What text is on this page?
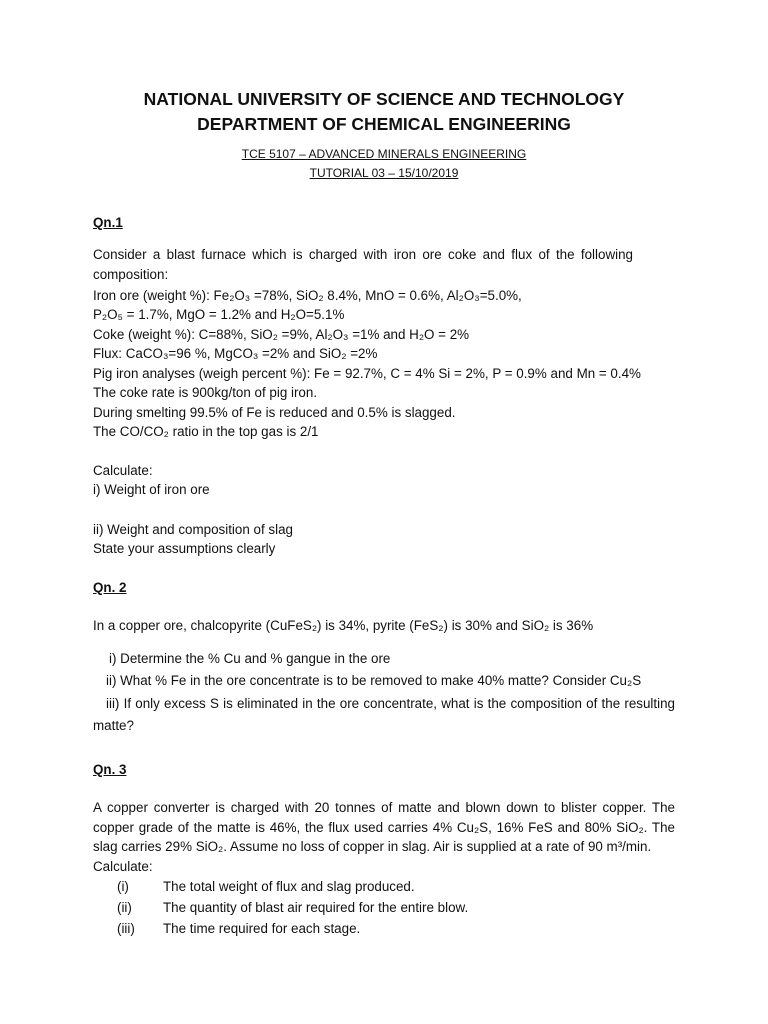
NATIONAL UNIVERSITY OF SCIENCE AND TECHNOLOGY
DEPARTMENT OF CHEMICAL ENGINEERING
TCE 5107 – ADVANCED MINERALS ENGINEERING
TUTORIAL 03 – 15/10/2019
Qn.1
Consider a blast furnace which is charged with iron ore coke and flux of the following composition:
Iron ore (weight %): Fe₂O₃ =78%, SiO₂ 8.4%, MnO = 0.6%, Al₂O₃=5.0%,
P₂O₅ = 1.7%, MgO = 1.2% and H₂O=5.1%
Coke (weight %): C=88%, SiO₂ =9%, Al₂O₃ =1% and H₂O = 2%
Flux: CaCO₃=96 %, MgCO₃ =2% and SiO₂ =2%
Pig iron analyses (weigh percent %): Fe = 92.7%, C = 4% Si = 2%, P = 0.9% and Mn = 0.4%
The coke rate is 900kg/ton of pig iron.
During smelting 99.5% of Fe is reduced and 0.5% is slagged.
The CO/CO₂ ratio in the top gas is 2/1
Calculate:
i) Weight of iron ore
ii) Weight and composition of slag
State your assumptions clearly
Qn. 2
In a copper ore, chalcopyrite (CuFeS₂) is 34%, pyrite (FeS₂) is 30% and SiO₂ is 36%
i) Determine the % Cu and % gangue in the ore
ii) What % Fe in the ore concentrate is to be removed to make 40% matte? Consider Cu₂S
iii) If only excess S is eliminated in the ore concentrate, what is the composition of the resulting matte?
Qn. 3
A copper converter is charged with 20 tonnes of matte and blown down to blister copper. The copper grade of the matte is 46%, the flux used carries 4% Cu₂S, 16% FeS and 80% SiO₂. The slag carries 29% SiO₂. Assume no loss of copper in slag. Air is supplied at a rate of 90 m³/min.
Calculate:
(i)	The total weight of flux and slag produced.
(ii)	The quantity of blast air required for the entire blow.
(iii)	The time required for each stage.
